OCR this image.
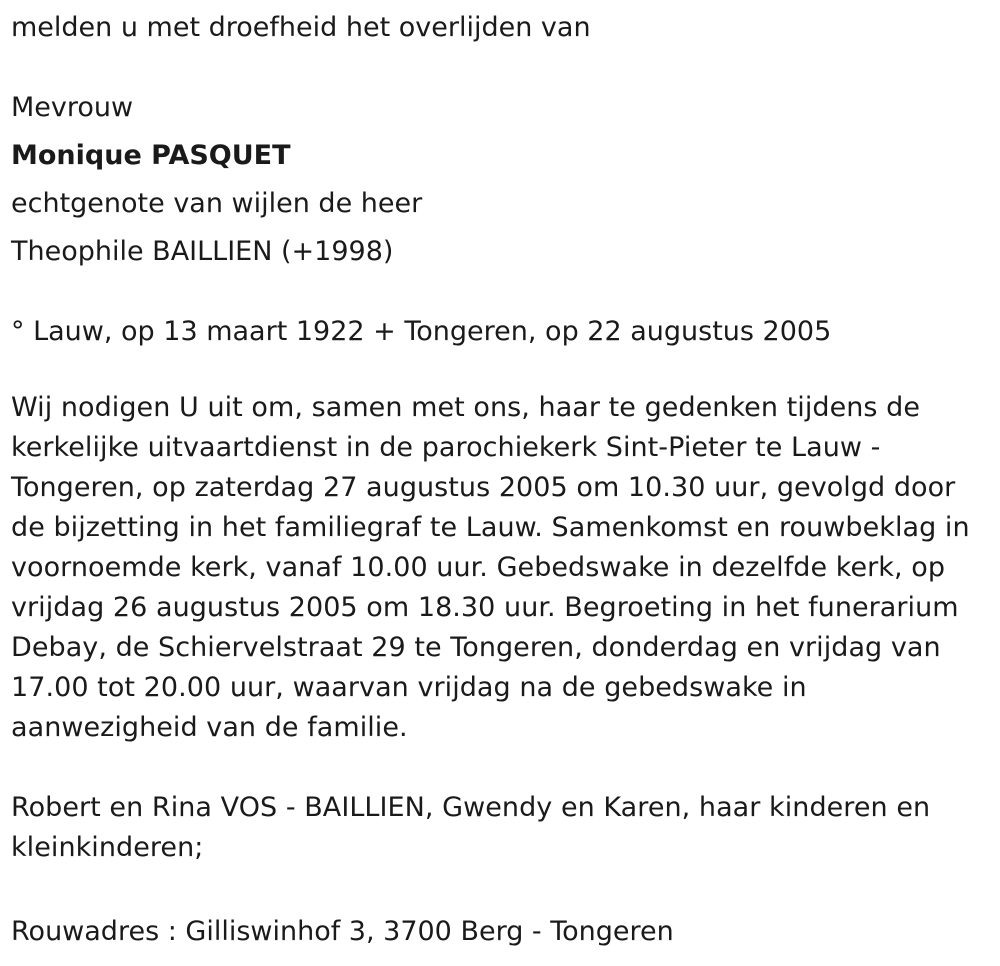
melden u met droefheid het overlijden van
Mevrouw
Monique PASQUET
echtgenote van wijlen de heer
Theophile BAILLIEN (+1998)
° Lauw, op 13 maart 1922 + Tongeren, op 22 augustus 2005
Wij nodigen U uit om, samen met ons, haar te gedenken tijdens de kerkelijke uitvaartdienst in de parochiekerk Sint-Pieter te Lauw - Tongeren, op zaterdag 27 augustus 2005 om 10.30 uur, gevolgd door de bijzetting in het familiegraf te Lauw. Samenkomst en rouwbeklag in voornoemde kerk, vanaf 10.00 uur. Gebedswake in dezelfde kerk, op vrijdag 26 augustus 2005 om 18.30 uur. Begroeting in het funerarium Debay, de Schiervelstraat 29 te Tongeren, donderdag en vrijdag van 17.00 tot 20.00 uur, waarvan vrijdag na de gebedswake in aanwezigheid van de familie.
Robert en Rina VOS - BAILLIEN, Gwendy en Karen, haar kinderen en kleinkinderen;
Rouwadres : Gilliswinhof 3, 3700 Berg - Tongeren
